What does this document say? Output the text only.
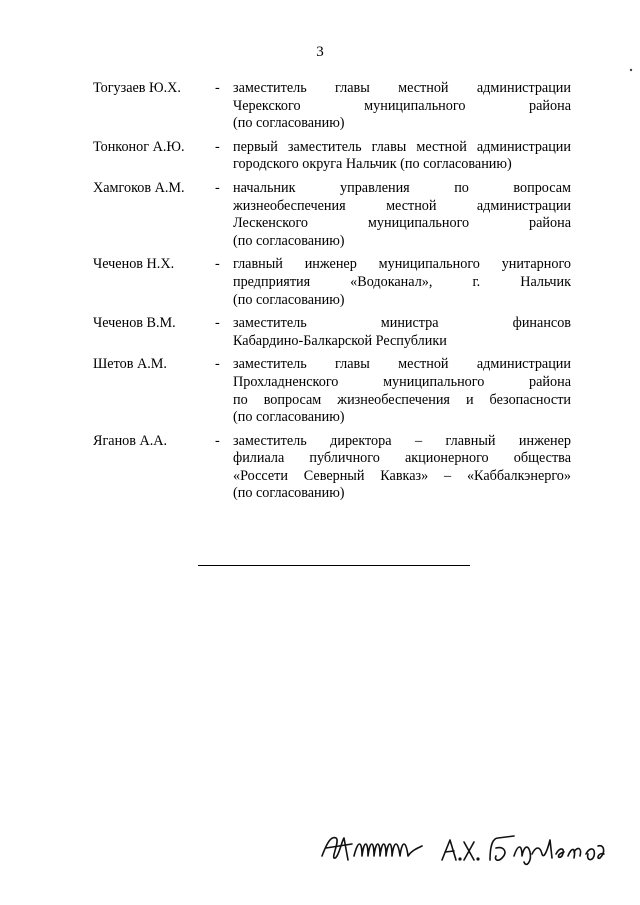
3
Тогузаев Ю.Х.	- заместитель главы местной администрации
Черекского муниципального района
(по согласованию)
Тонконог А.Ю.	- первый заместитель главы местной администрации
городского округа Нальчик (по согласованию)
Хамгоков А.М.	- начальник управления по вопросам
жизнеобеспечения местной администрации
Лескенского муниципального района
(по согласованию)
Чеченов Н.Х.	- главный инженер муниципального унитарного
предприятия «Водоканал», г. Нальчик
(по согласованию)
Чеченов В.М.	- заместитель министра финансов
Кабардино-Балкарской Республики
Шетов А.М.	- заместитель главы местной администрации
Прохладненского муниципального района
по вопросам жизнеобеспечения и безопасности
(по согласованию)
Яганов А.А.	- заместитель директора – главный инженер
филиала публичного акционерного общества
«Россети Северный Кавказ» – «Каббалкэнерго»
(по согласованию)
